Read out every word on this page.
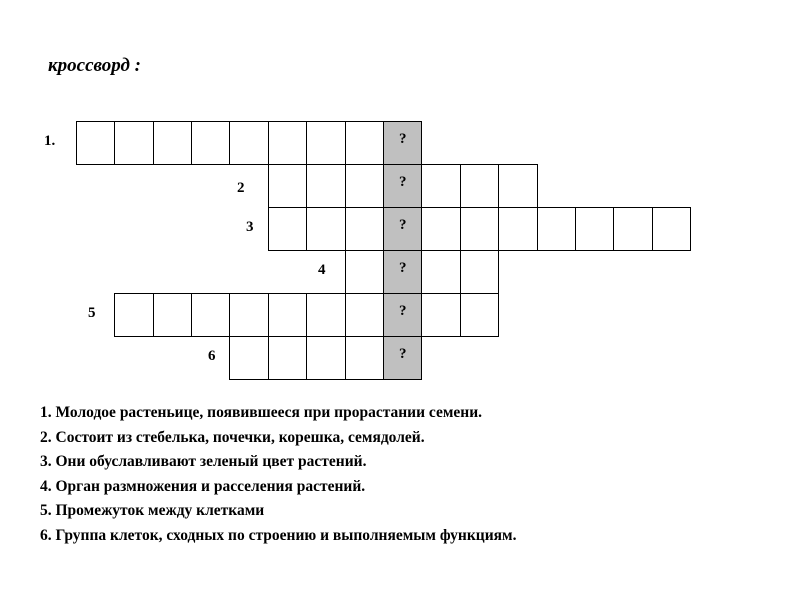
кроссворд :
1.	?
2	?
3	?
4	?
5	?
6	?
1. Молодое растеньице, появившееся при прорастании семени.
2. Состоит из стебелька, почечки, корешка, семядолей.
3. Они обуславливают зеленый цвет растений.
4. Орган размножения и расселения растений.
5. Промежуток между клетками
6. Группа клеток, сходных по строению и выполняемым функциям.
